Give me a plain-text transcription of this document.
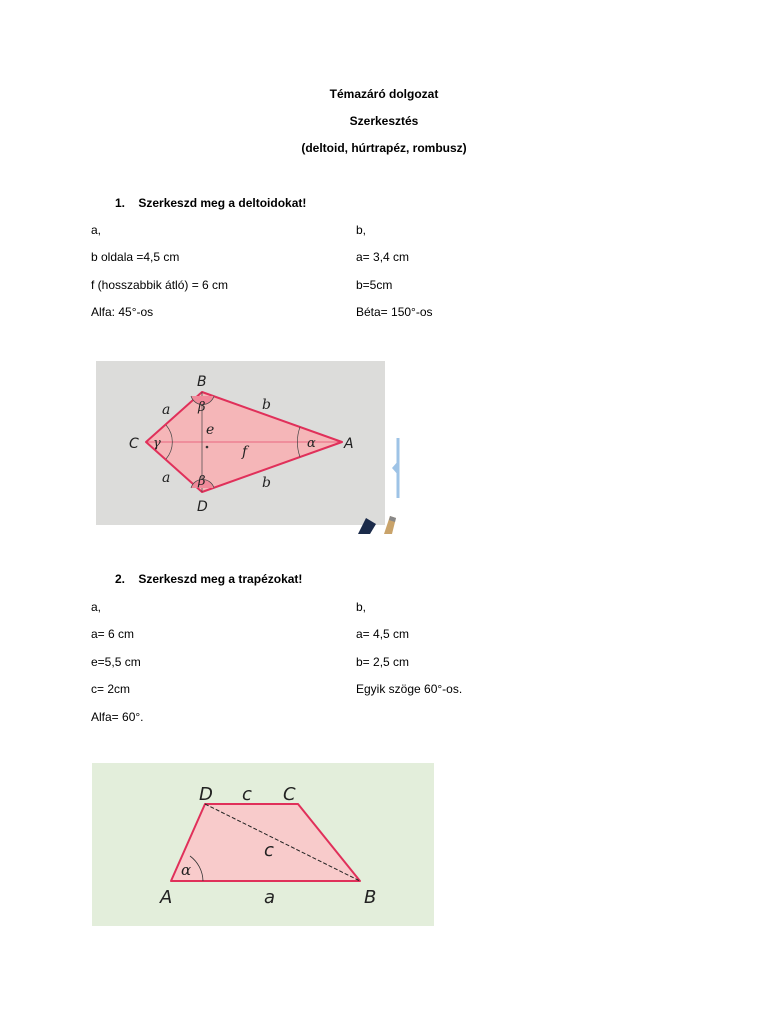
Témazáró dolgozat
Szerkesztés
(deltoid, húrtrapéz, rombusz)
1.    Szerkeszd meg a deltoidokat!
a,
b oldala =4,5 cm
f (hosszabbik átló) = 6 cm
Alfa: 45°-os
b,
a= 3,4 cm
b=5cm
Béta= 150°-os
B
C	A
D
a
a
b
b
β
β
γ	α
e
f
2.    Szerkeszd meg a trapézokat!
a,
a= 6 cm
e=5,5 cm
c= 2cm
Alfa= 60°.
b,
a= 4,5 cm
b= 2,5 cm
Egyik szöge 60°-os.
D c C
c
α
A	a	B
